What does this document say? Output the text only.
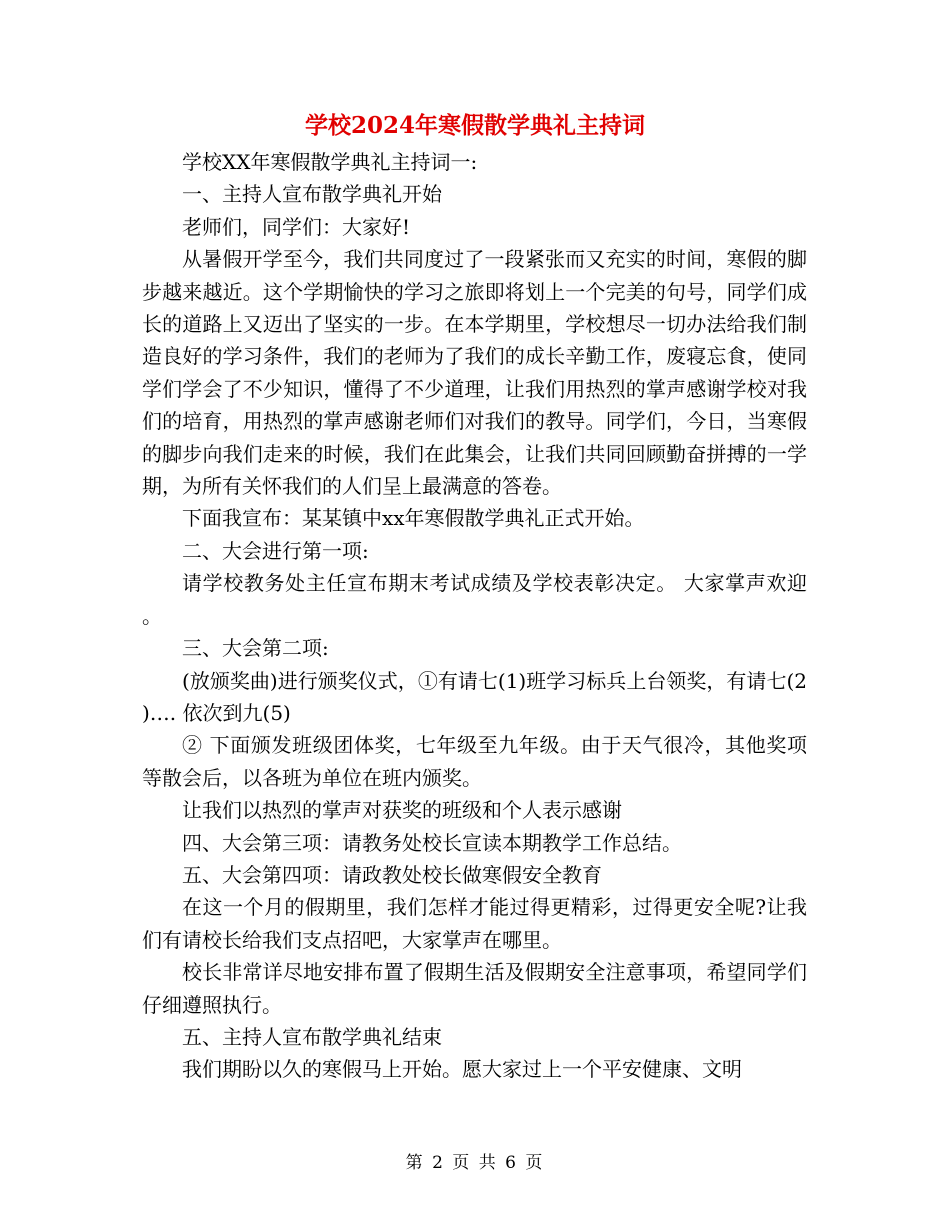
学校2024年寒假散学典礼主持词

学校XX年寒假散学典礼主持词一:

一、主持人宣布散学典礼开始

老师们，同学们：大家好!

从暑假开学至今，我们共同度过了一段紧张而又充实的时间，寒假的脚步越来越近。这个学期愉快的学习之旅即将划上一个完美的句号，同学们成长的道路上又迈出了坚实的一步。在本学期里，学校想尽一切办法给我们制造良好的学习条件，我们的老师为了我们的成长辛勤工作，废寝忘食，使同学们学会了不少知识，懂得了不少道理，让我们用热烈的掌声感谢学校对我们的培育，用热烈的掌声感谢老师们对我们的教导。同学们，今日，当寒假的脚步向我们走来的时候，我们在此集会，让我们共同回顾勤奋拼搏的一学期，为所有关怀我们的人们呈上最满意的答卷。

下面我宣布：某某镇中xx年寒假散学典礼正式开始。

二、大会进行第一项:

请学校教务处主任宣布期末考试成绩及学校表彰决定。 大家掌声欢迎。

三、大会第二项:

(放颁奖曲)进行颁奖仪式，①有请七(1)班学习标兵上台领奖，有请七(2)…. 依次到九(5)

② 下面颁发班级团体奖，七年级至九年级。由于天气很冷，其他奖项等散会后，以各班为单位在班内颁奖。

让我们以热烈的掌声对获奖的班级和个人表示感谢

四、大会第三项：请教务处校长宣读本期教学工作总结。

五、大会第四项：请政教处校长做寒假安全教育

在这一个月的假期里，我们怎样才能过得更精彩，过得更安全呢?让我们有请校长给我们支点招吧，大家掌声在哪里。

校长非常详尽地安排布置了假期生活及假期安全注意事项，希望同学们仔细遵照执行。

五、主持人宣布散学典礼结束

我们期盼以久的寒假马上开始。愿大家过上一个平安健康、文明

第 2 页 共 6 页
